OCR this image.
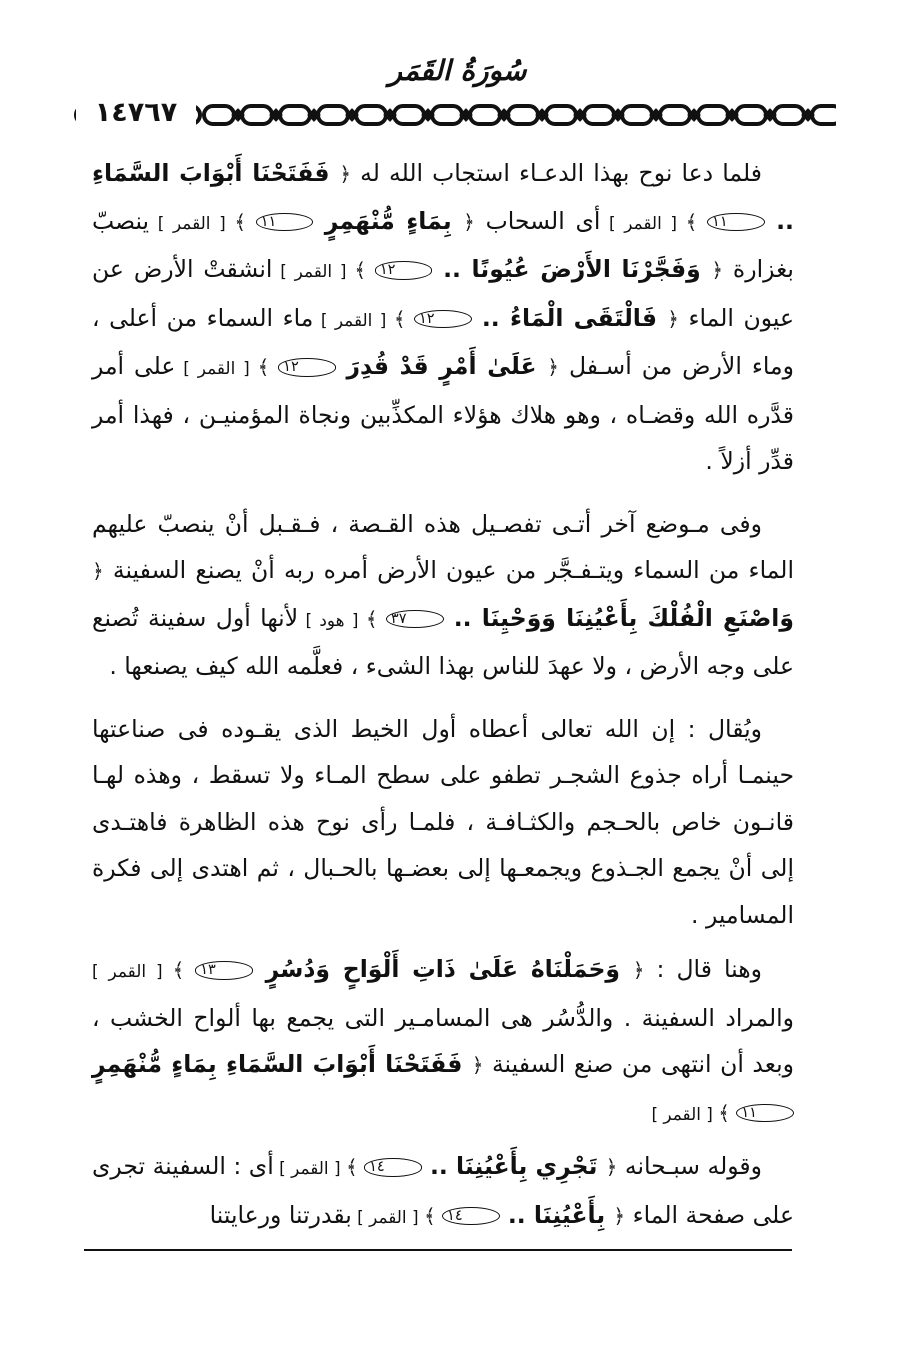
سُورَةُ القَمَر
١٤٧٦٧

فلما دعا نوح بهذا الدعـاء استجاب الله له ﴿ فَفَتَحْنَا أَبْوَابَ السَّمَاءِ .. ١١ ﴾ [ القمر ] أى السحاب ﴿ بِمَاءٍ مُّنْهَمِرٍ ١١ ﴾ [ القمر ] ينصبّ بغزارة ﴿ وَفَجَّرْنَا الأَرْضَ عُيُونًا .. ١٢ ﴾ [ القمر ] انشقتْ الأرض عن عيون الماء ﴿ فَالْتَقَى الْمَاءُ .. ١٢ ﴾ [ القمر ] ماء السماء من أعلى ، وماء الأرض من أسـفل ﴿ عَلَىٰ أَمْرٍ قَدْ قُدِرَ ١٢ ﴾ [ القمر ] على أمر قدَّره الله وقضـاه ، وهو هلاك هؤلاء المكذِّبين ونجاة المؤمنيـن ، فهذا أمر قدِّر أزلاً .

وفى مـوضع آخر أتـى تفصـيل هذه القـصة ، فـقـبل أنْ ينصبّ عليهم الماء من السماء ويتـفـجَّر من عيون الأرض أمره ربه أنْ يصنع السفينة ﴿ وَاصْنَعِ الْفُلْكَ بِأَعْيُنِنَا وَوَحْيِنَا .. ٣٧ ﴾ [ هود ] لأنها أول سفينة تُصنع على وجه الأرض ، ولا عهدَ للناس بهذا الشىء ، فعلَّمه الله كيف يصنعها .

ويُقال : إن الله تعالى أعطاه أول الخيط الذى يقـوده فى صناعتها حينمـا أراه جذوع الشجـر تطفو على سطح المـاء ولا تسقط ، وهذه لهـا قانـون خاص بالحـجم والكثـافـة ، فلمـا رأى نوح هذه الظاهرة فاهتـدى إلى أنْ يجمع الجـذوع ويجمعـها إلى بعضـها بالحـبال ، ثم اهتدى إلى فكرة المسامير .

وهنا قال : ﴿ وَحَمَلْنَاهُ عَلَىٰ ذَاتِ أَلْوَاحٍ وَدُسُرٍ ١٣ ﴾ [ القمر ] والمراد السفينة . والدُّسُر هى المسامـير التى يجمع بها ألواح الخشب ، وبعد أن انتهى من صنع السفينة ﴿ فَفَتَحْنَا أَبْوَابَ السَّمَاءِ بِمَاءٍ مُّنْهَمِرٍ ١١ ﴾ [ القمر ]

وقوله سبـحانه ﴿ تَجْرِي بِأَعْيُنِنَا .. ١٤ ﴾ [ القمر ] أى : السفينة تجرى على صفحة الماء ﴿ بِأَعْيُنِنَا .. ١٤ ﴾ [ القمر ] بقدرتنا ورعايتنا
